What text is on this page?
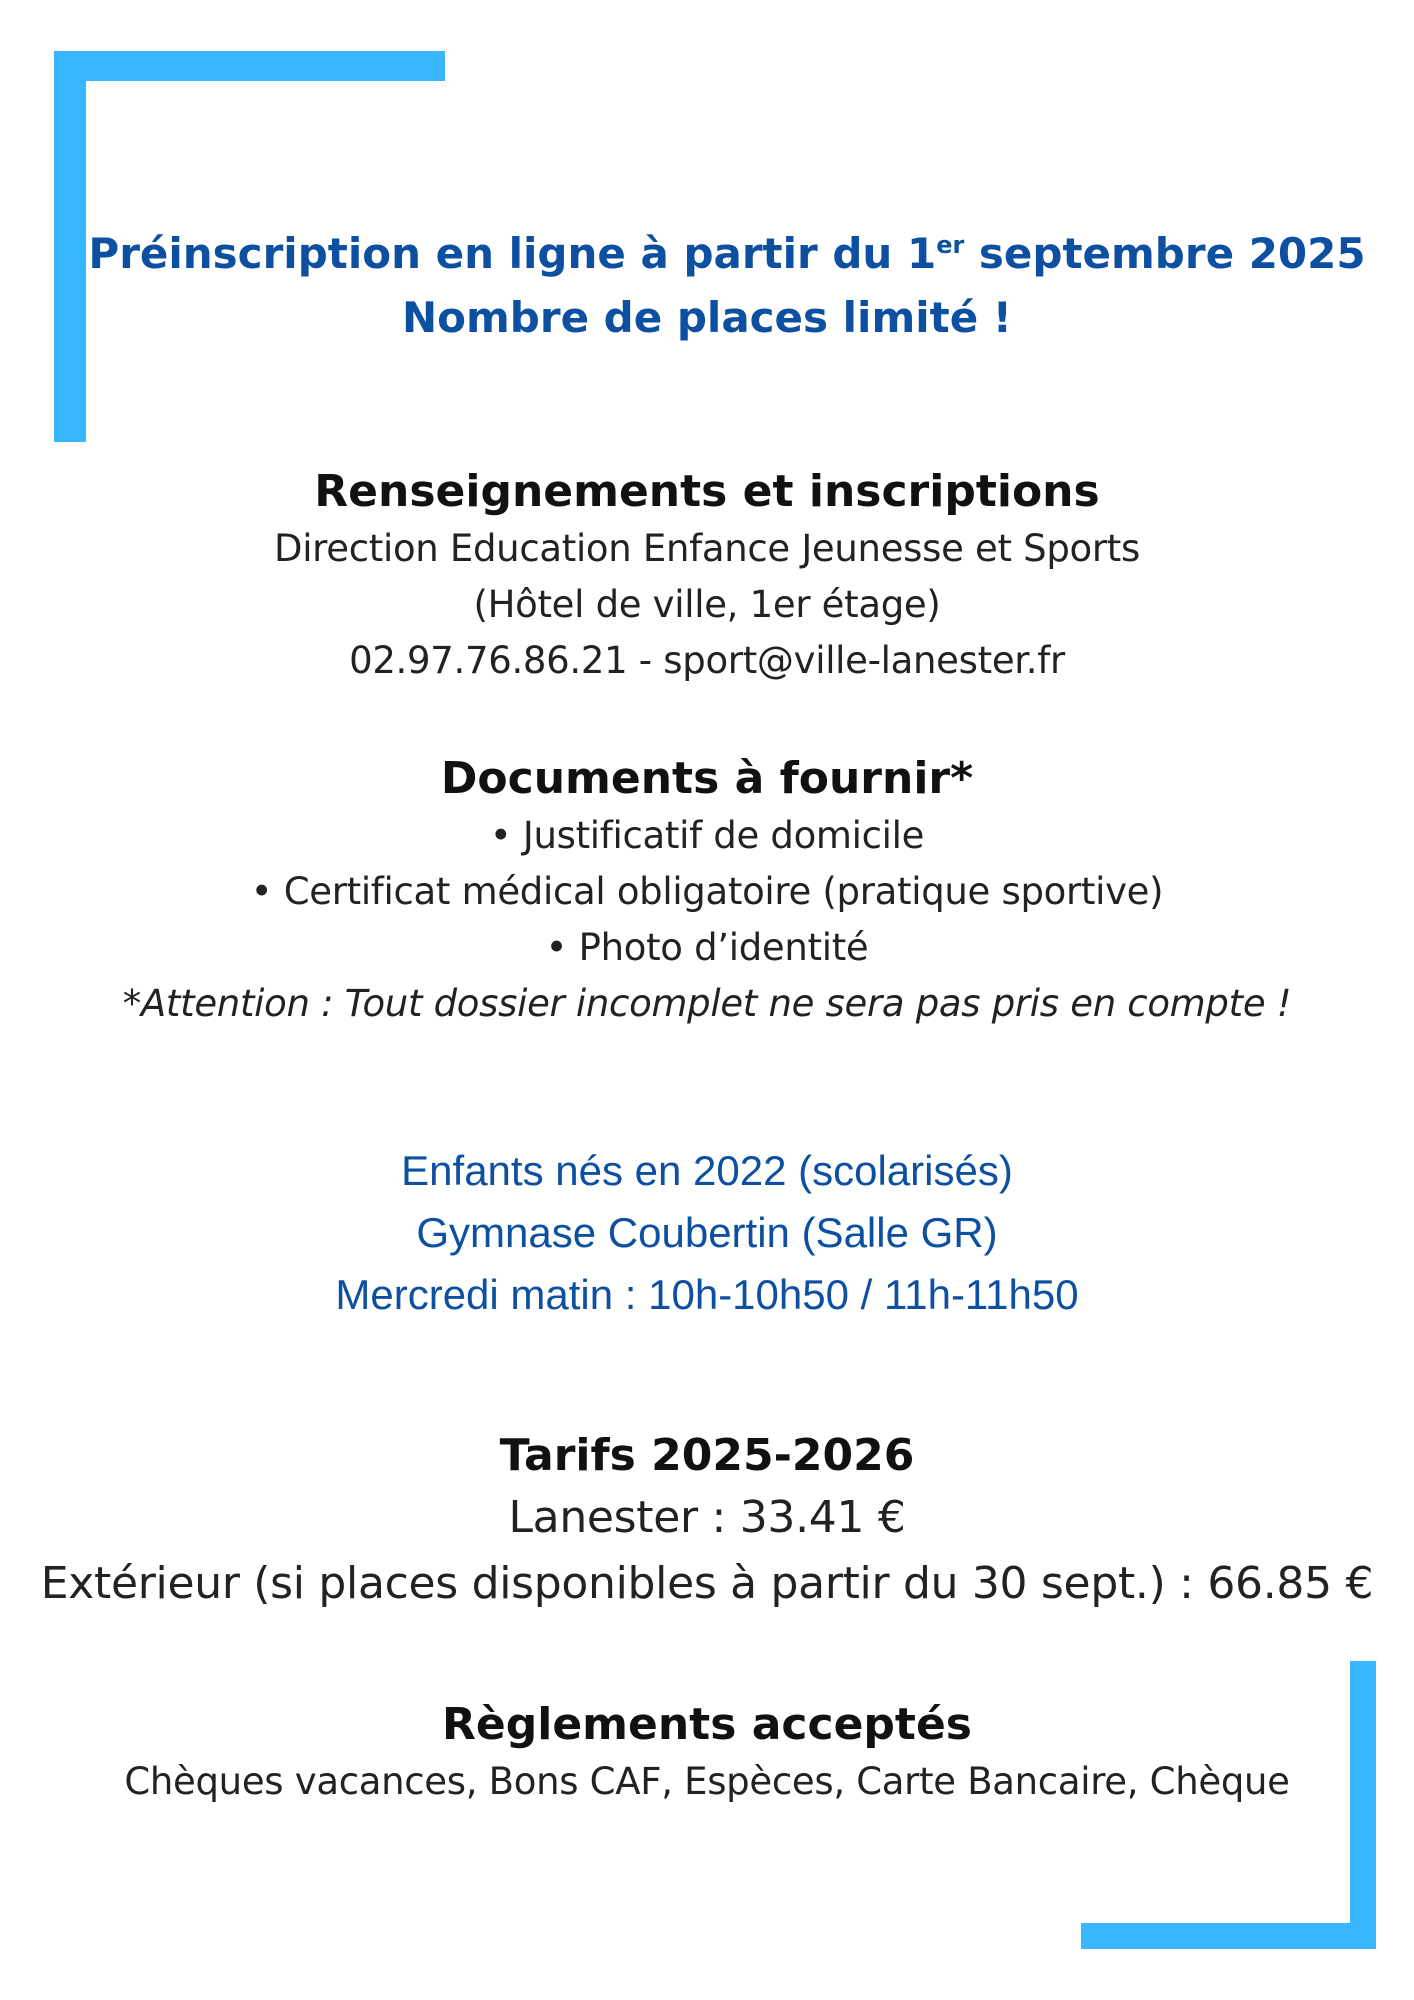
Préinscription en ligne à partir du 1er septembre 2025
Nombre de places limité !
Renseignements et inscriptions
Direction Education Enfance Jeunesse et Sports
(Hôtel de ville, 1er étage)
02.97.76.86.21 - sport@ville-lanester.fr
Documents à fournir*
• Justificatif de domicile
• Certificat médical obligatoire (pratique sportive)
• Photo d’identité
*Attention : Tout dossier incomplet ne sera pas pris en compte !
Enfants nés en 2022 (scolarisés)
Gymnase Coubertin (Salle GR)
Mercredi matin : 10h-10h50 / 11h-11h50
Tarifs 2025-2026
Lanester : 33.41 €
Extérieur (si places disponibles à partir du 30 sept.) : 66.85 €
Règlements acceptés
Chèques vacances, Bons CAF, Espèces, Carte Bancaire, Chèque
